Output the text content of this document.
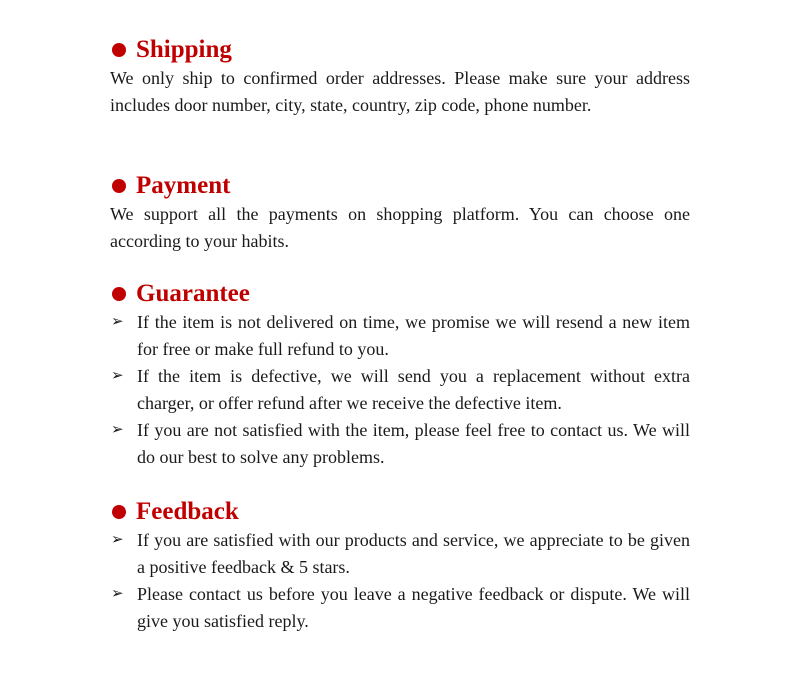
Shipping

We only ship to confirmed order addresses. Please make sure your address includes door number, city, state, country, zip code, phone number.

Payment

We support all the payments on shopping platform. You can choose one according to your habits.

Guarantee
➢ If the item is not delivered on time, we promise we will resend a new item for free or make full refund to you.
➢ If the item is defective, we will send you a replacement without extra charger, or offer refund after we receive the defective item.
➢ If you are not satisfied with the item, please feel free to contact us. We will do our best to solve any problems.
Feedback
➢ If you are satisfied with our products and service, we appreciate to be given a positive feedback & 5 stars.
➢ Please contact us before you leave a negative feedback or dispute. We will give you satisfied reply.
